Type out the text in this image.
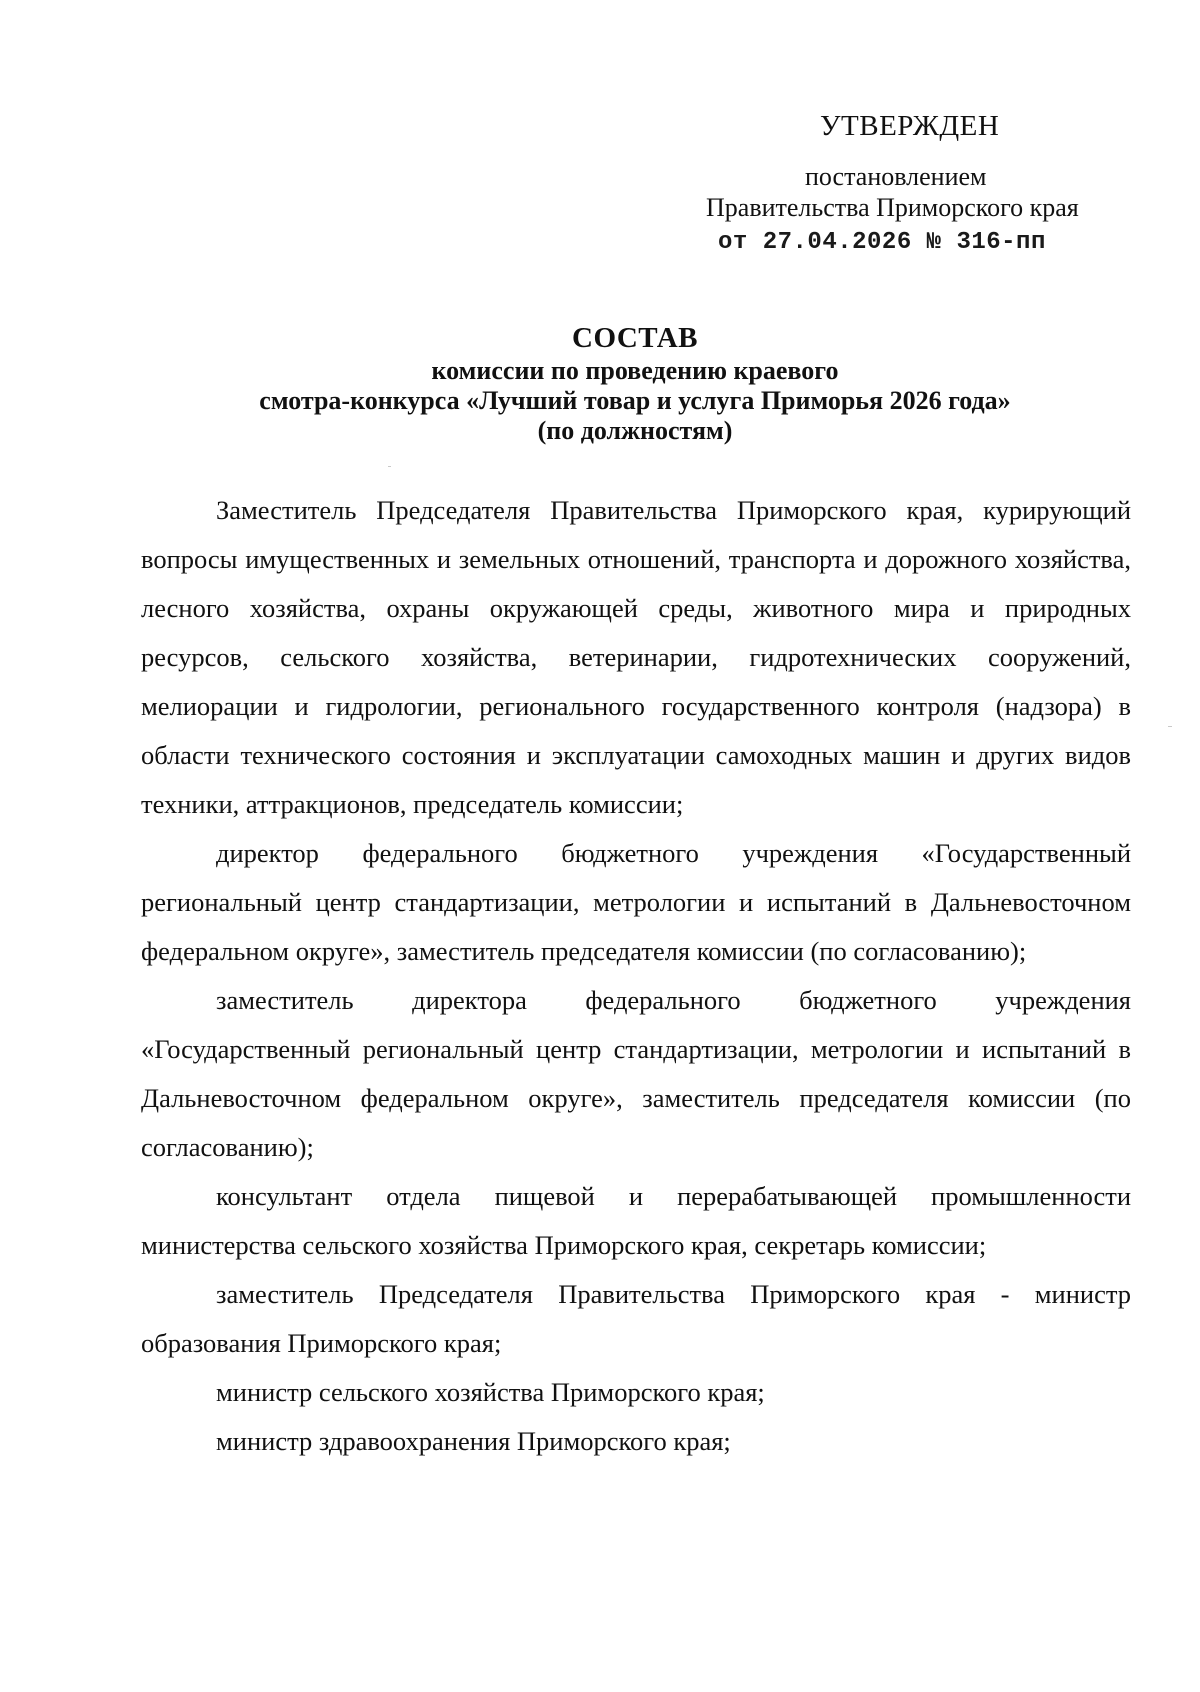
УТВЕРЖДЕН
постановлением
Правительства Приморского края
от 27.04.2026 № 316-пп
СОСТАВ
комиссии по проведению краевого
смотра-конкурса «Лучший товар и услуга Приморья 2026 года»
(по должностям)

Заместитель Председателя Правительства Приморского края, курирующий вопросы имущественных и земельных отношений, транспорта и дорожного хозяйства, лесного хозяйства, охраны окружающей среды, животного мира и природных ресурсов, сельского хозяйства, ветеринарии, гидротехнических сооружений, мелиорации и гидрологии, регионального государственного контроля (надзора) в области технического состояния и эксплуатации самоходных машин и других видов техники, аттракционов, председатель комиссии;

директор федерального бюджетного учреждения «Государственный региональный центр стандартизации, метрологии и испытаний в Дальневосточном федеральном округе», заместитель председателя комиссии (по согласованию);

заместитель директора федерального бюджетного учреждения «Государственный региональный центр стандартизации, метрологии и испытаний в Дальневосточном федеральном округе», заместитель председателя комиссии (по согласованию);

консультант отдела пищевой и перерабатывающей промышленности министерства сельского хозяйства Приморского края, секретарь комиссии;

заместитель Председателя Правительства Приморского края - министр образования Приморского края;

министр сельского хозяйства Приморского края;

министр здравоохранения Приморского края;
